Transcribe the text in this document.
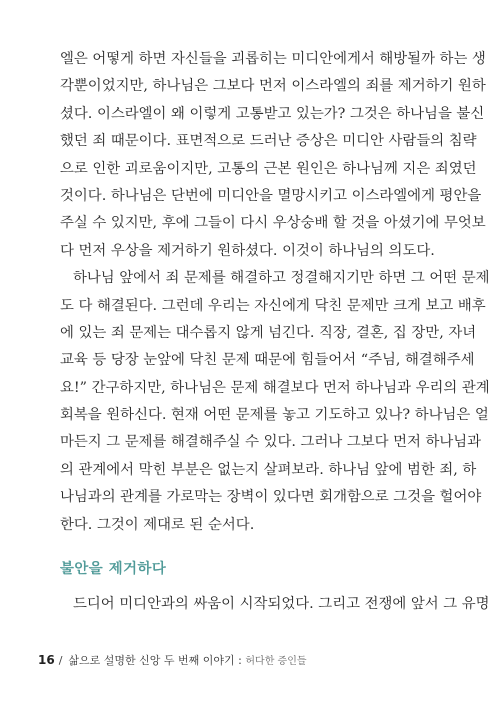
엘은 어떻게 하면 자신들을 괴롭히는 미디안에게서 해방될까 하는 생
각뿐이었지만, 하나님은 그보다 먼저 이스라엘의 죄를 제거하기 원하
셨다. 이스라엘이 왜 이렇게 고통받고 있는가? 그것은 하나님을 불신
했던 죄 때문이다. 표면적으로 드러난 증상은 미디안 사람들의 침략
으로 인한 괴로움이지만, 고통의 근본 원인은 하나님께 지은 죄였던
것이다. 하나님은 단번에 미디안을 멸망시키고 이스라엘에게 평안을
주실 수 있지만, 후에 그들이 다시 우상숭배 할 것을 아셨기에 무엇보
다 먼저 우상을 제거하기 원하셨다. 이것이 하나님의 의도다.
하나님 앞에서 죄 문제를 해결하고 정결해지기만 하면 그 어떤 문제
도 다 해결된다. 그런데 우리는 자신에게 닥친 문제만 크게 보고 배후
에 있는 죄 문제는 대수롭지 않게 넘긴다. 직장, 결혼, 집 장만, 자녀
교육 등 당장 눈앞에 닥친 문제 때문에 힘들어서 “주님, 해결해주세
요!” 간구하지만, 하나님은 문제 해결보다 먼저 하나님과 우리의 관계
회복을 원하신다. 현재 어떤 문제를 놓고 기도하고 있나? 하나님은 얼
마든지 그 문제를 해결해주실 수 있다. 그러나 그보다 먼저 하나님과
의 관계에서 막힌 부분은 없는지 살펴보라. 하나님 앞에 범한 죄, 하
나님과의 관계를 가로막는 장벽이 있다면 회개함으로 그것을 헐어야
한다. 그것이 제대로 된 순서다.
불안을 제거하다
드디어 미디안과의 싸움이 시작되었다. 그리고 전쟁에 앞서 그 유명
16 / 삶으로 설명한 신앙 두 번째 이야기 : 허다한 증인들
